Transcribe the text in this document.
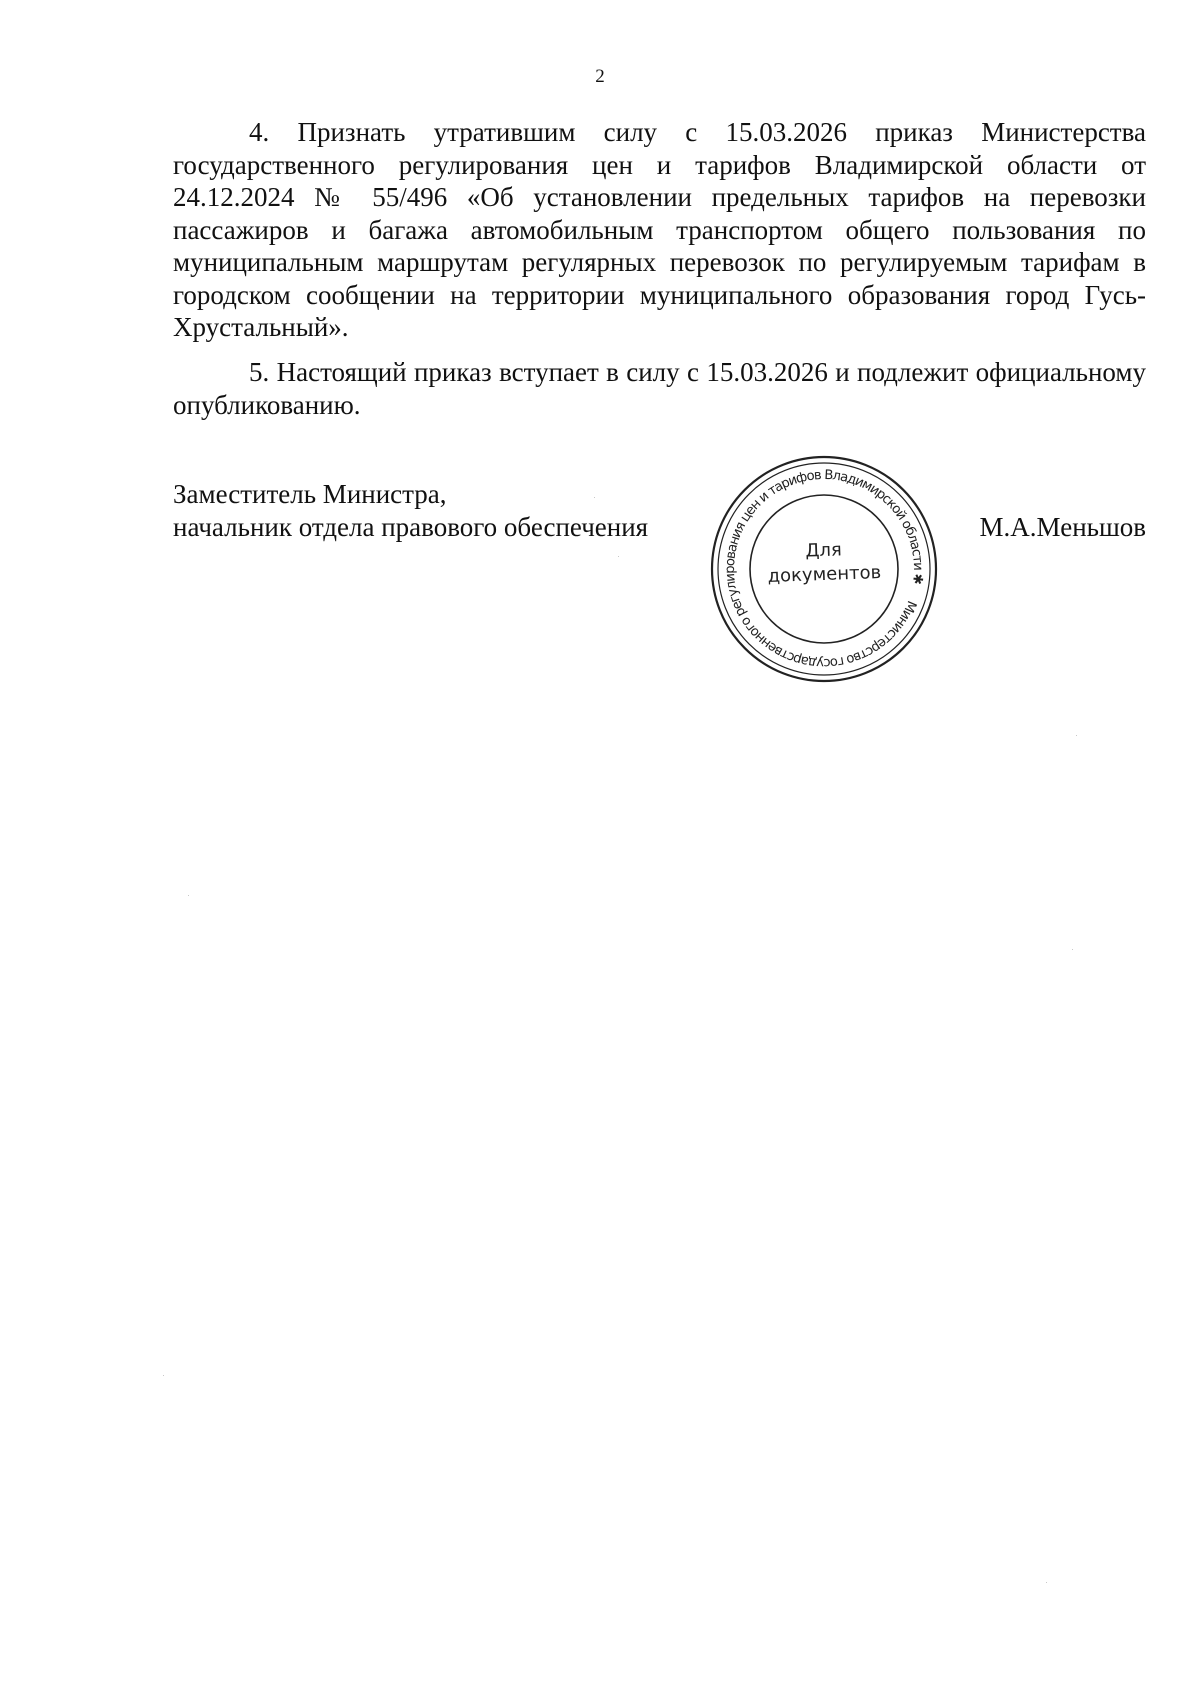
2

4. Признать утратившим силу с 15.03.2026 приказ Министерства государственного регулирования цен и тарифов Владимирской области от 24.12.2024 № 55/496 «Об установлении предельных тарифов на перевозки пассажиров и багажа автомобильным транспортом общего пользования по муниципальным маршрутам регулярных перевозок по регулируемым тарифам в городском сообщении на территории муниципального образования город Гусь-Хрустальный».

5. Настоящий приказ вступает в силу с 15.03.2026 и подлежит официальному опубликованию.

Заместитель Министра,
начальник отдела правового обеспечения	М.А.Меньшов
Министерство государственного регулирования цен и тарифов Владимирской области ✱
Для
документов
